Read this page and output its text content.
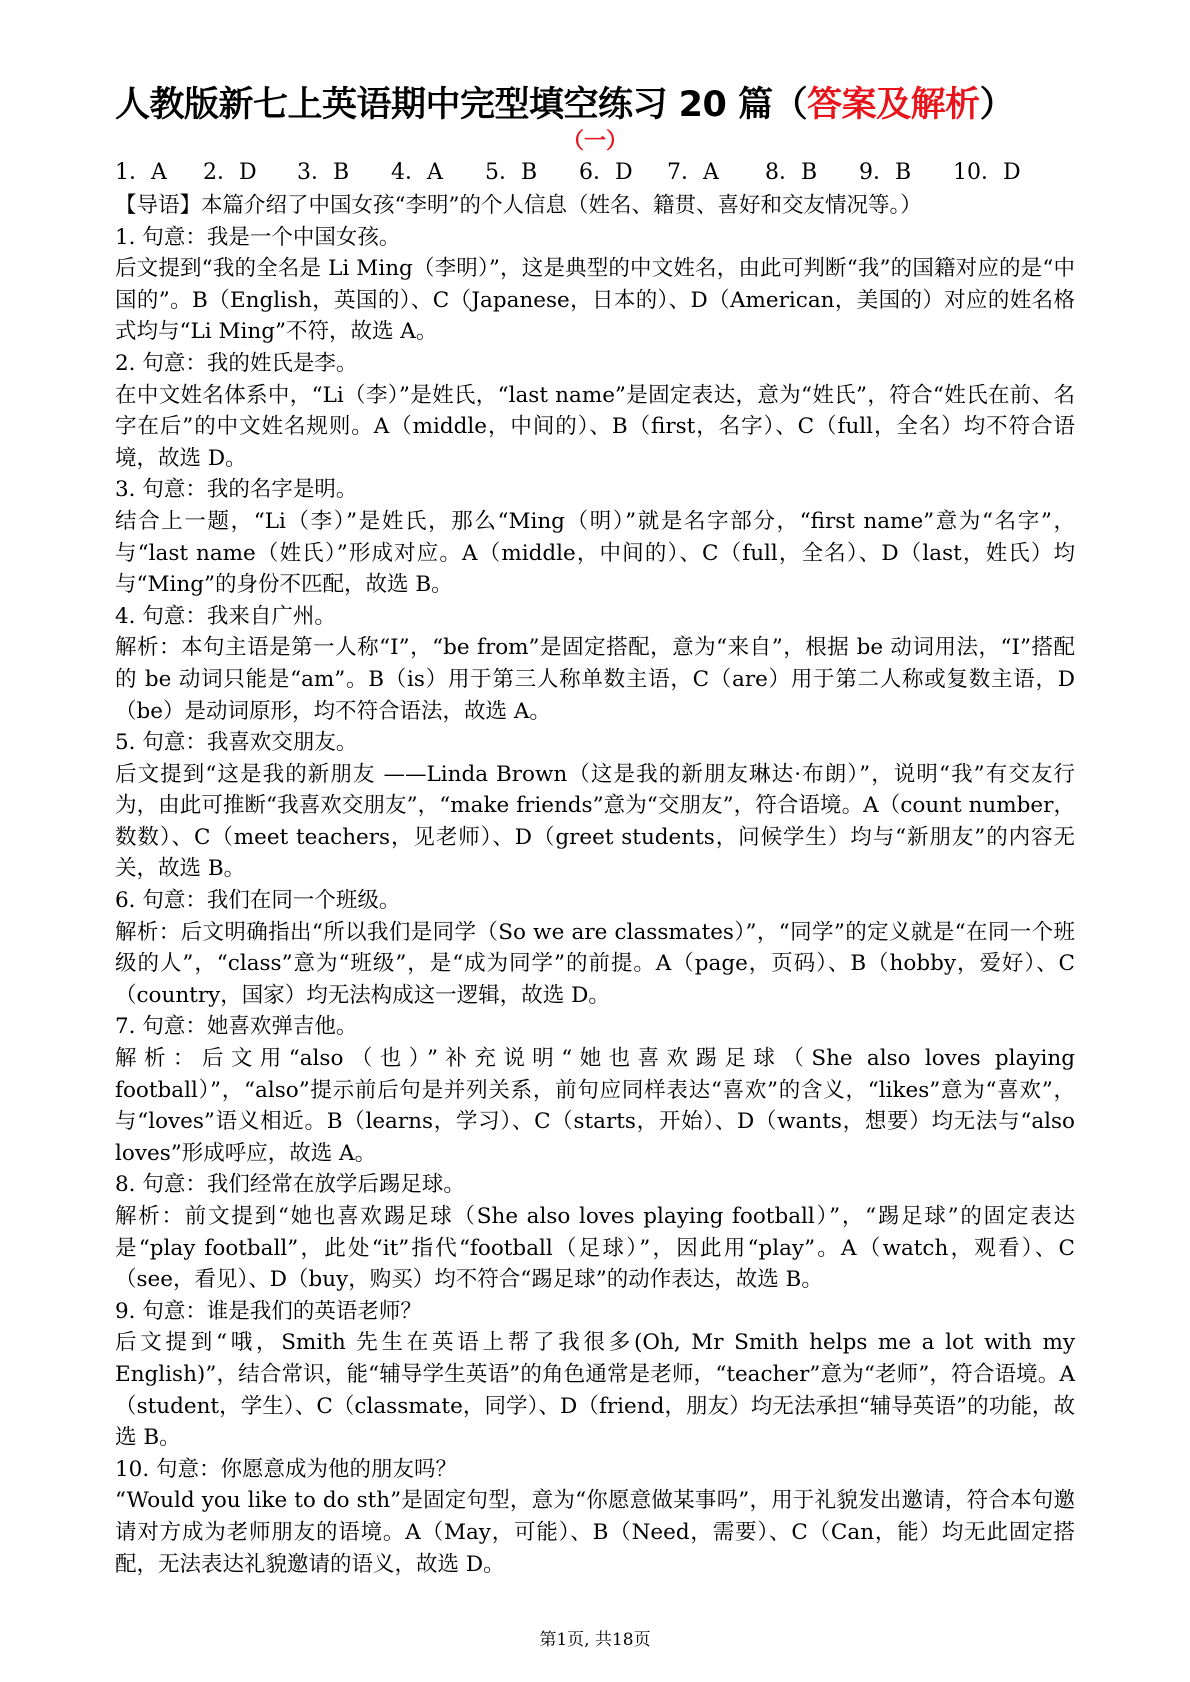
人教版新七上英语期中完型填空练习 20 篇（答案及解析）
（一）
1．A	2．D	3．B	4．A	5．B	6．D	7．A	8．B	9．B	10．D

【导语】本篇介绍了中国女孩“李明”的个人信息（姓名、籍贯、喜好和交友情况等。）

1. 句意：我是一个中国女孩。

后文提到“我的全名是 Li Ming（李明）”，这是典型的中文姓名，由此可判断“我”的国籍对应的是“中国的”。B（English，英国的）、C（Japanese，日本的）、D（American，美国的）对应的姓名格式均与“Li Ming”不符，故选 A。

2. 句意：我的姓氏是李。

在中文姓名体系中，“Li（李）”是姓氏，“last name”是固定表达，意为“姓氏”，符合“姓氏在前、名字在后”的中文姓名规则。A（middle，中间的）、B（first，名字）、C（full，全名）均不符合语境，故选 D。

3. 句意：我的名字是明。

结合上一题，“Li（李）”是姓氏，那么“Ming（明）”就是名字部分，“first name”意为“名字”，与“last name（姓氏）”形成对应。A（middle，中间的）、C（full，全名）、D（last，姓氏）均与“Ming”的身份不匹配，故选 B。

4. 句意：我来自广州。

解析：本句主语是第一人称“I”，“be from”是固定搭配，意为“来自”，根据 be 动词用法，“I”搭配的 be 动词只能是“am”。B（is）用于第三人称单数主语，C（are）用于第二人称或复数主语，D（be）是动词原形，均不符合语法，故选 A。

5. 句意：我喜欢交朋友。

后文提到“这是我的新朋友 ——Linda Brown（这是我的新朋友琳达·布朗）”，说明“我”有交友行为，由此可推断“我喜欢交朋友”，“make friends”意为“交朋友”，符合语境。A（count number，数数）、C（meet teachers，见老师）、D（greet students，问候学生）均与“新朋友”的内容无关，故选 B。

6. 句意：我们在同一个班级。

解析：后文明确指出“所以我们是同学（So we are classmates）”，“同学”的定义就是“在同一个班级的人”，“class”意为“班级”，是“成为同学”的前提。A（page，页码）、B（hobby，爱好）、C（country，国家）均无法构成这一逻辑，故选 D。

7. 句意：她喜欢弹吉他。

解析：后文用“also（也）”补充说明“她也喜欢踢足球（She also loves playing football）”，“also”提示前后句是并列关系，前句应同样表达“喜欢”的含义，“likes”意为“喜欢”，与“loves”语义相近。B（learns，学习）、C（starts，开始）、D（wants，想要）均无法与“also loves”形成呼应，故选 A。

8. 句意：我们经常在放学后踢足球。

解析：前文提到“她也喜欢踢足球（She also loves playing football）”，“踢足球”的固定表达是“play football”，此处“it”指代“football（足球）”，因此用“play”。A（watch，观看）、C（see，看见）、D（buy，购买）均不符合“踢足球”的动作表达，故选 B。

9. 句意：谁是我们的英语老师？

后文提到“哦，Smith 先生在英语上帮了我很多(Oh, Mr Smith helps me a lot with my English)”，结合常识，能“辅导学生英语”的角色通常是老师，“teacher”意为“老师”，符合语境。A（student，学生）、C（classmate，同学）、D（friend，朋友）均无法承担“辅导英语”的功能，故选 B。

10. 句意：你愿意成为他的朋友吗？

“Would you like to do sth”是固定句型，意为“你愿意做某事吗”，用于礼貌发出邀请，符合本句邀请对方成为老师朋友的语境。A（May，可能）、B（Need，需要）、C（Can，能）均无此固定搭配，无法表达礼貌邀请的语义，故选 D。

第1页, 共18页
